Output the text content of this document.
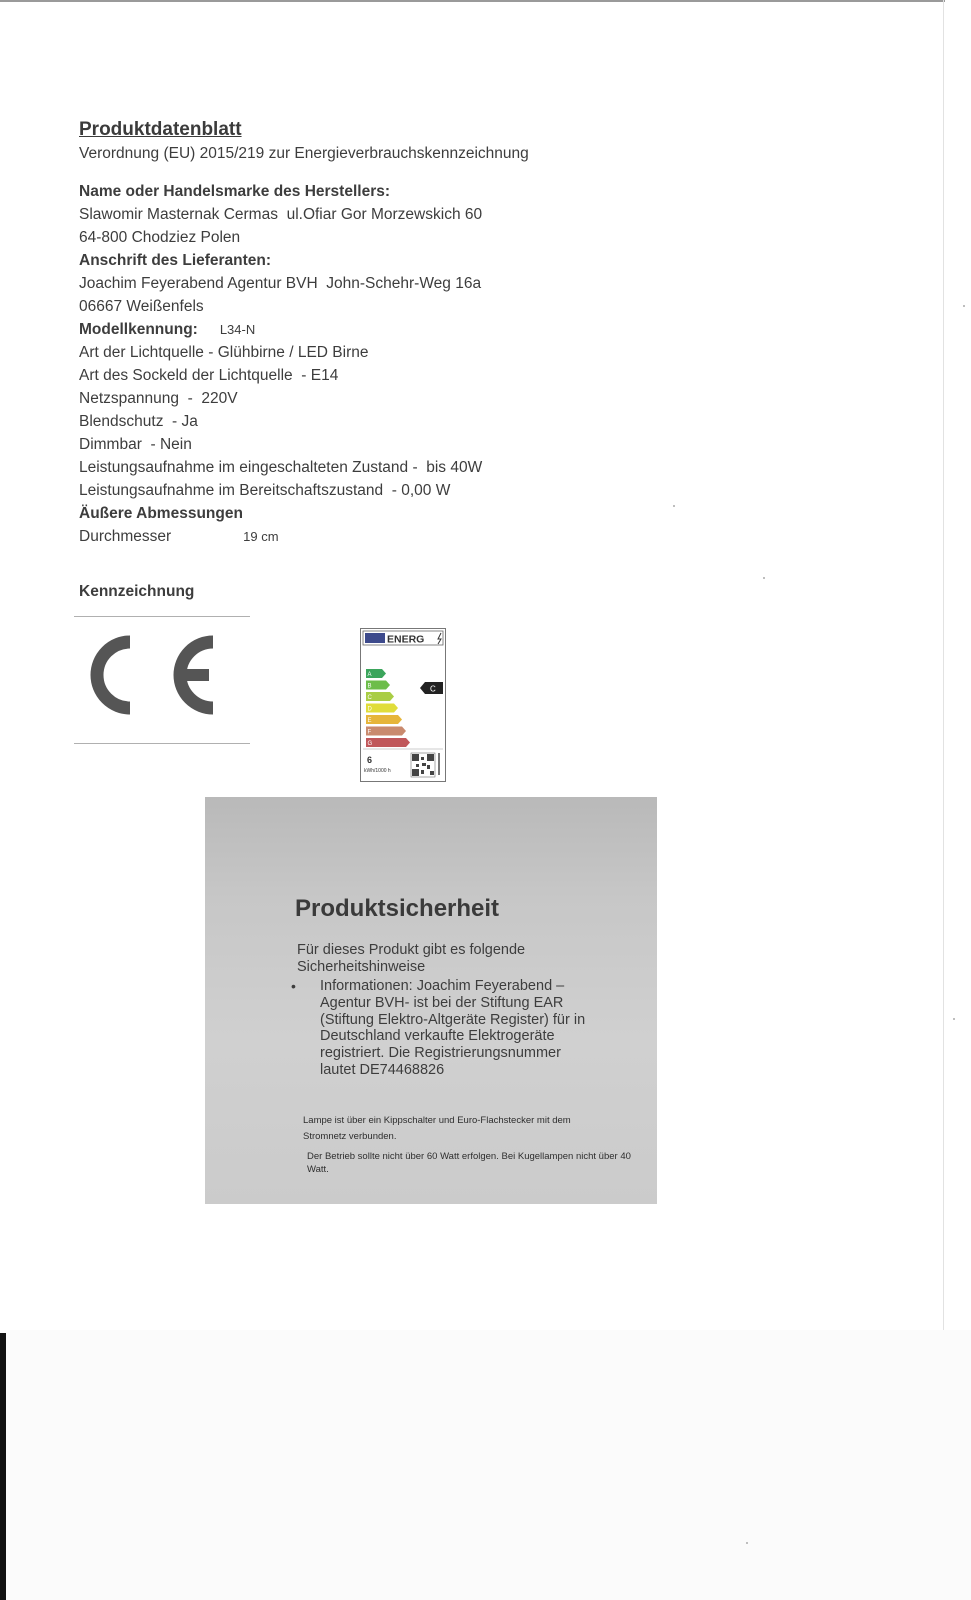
Produktdatenblatt
Verordnung (EU) 2015/219 zur Energieverbrauchskennzeichnung
Name oder Handelsmarke des Herstellers:
Slawomir Masternak Cermas  ul.Ofiar Gor Morzewskich 60
64-800 Chodziez Polen
Anschrift des Lieferanten:
Joachim Feyerabend Agentur BVH  John-Schehr-Weg 16a
06667 Weißenfels
Modellkennung: L34-N
Art der Lichtquelle - Glühbirne / LED Birne
Art des Sockeld der Lichtquelle  - E14
Netzspannung  -  220V
Blendschutz  - Ja
Dimmbar  - Nein
Leistungsaufnahme im eingeschalteten Zustand -  bis 40W
Leistungsaufnahme im Bereitschaftszustand  - 0,00 W
Äußere Abmessungen
Durchmesser	19 cm
Kennzeichnung
ENERG
A
B
C
D
E
F
G
C
6
kWh/1000 h
Produktsicherheit
Für dieses Produkt gibt es folgende Sicherheitshinweise
• Informationen: Joachim Feyerabend –Agentur BVH- ist bei der Stiftung EAR (Stiftung Elektro-Altgeräte Register) für in Deutschland verkaufte Elektrogeräte registriert. Die Registrierungsnummer lautet DE74468826
Lampe ist über ein Kippschalter und Euro-Flachstecker mit dem Stromnetz verbunden.
Der Betrieb sollte nicht über 60 Watt erfolgen. Bei Kugellampen nicht über 40 Watt.
